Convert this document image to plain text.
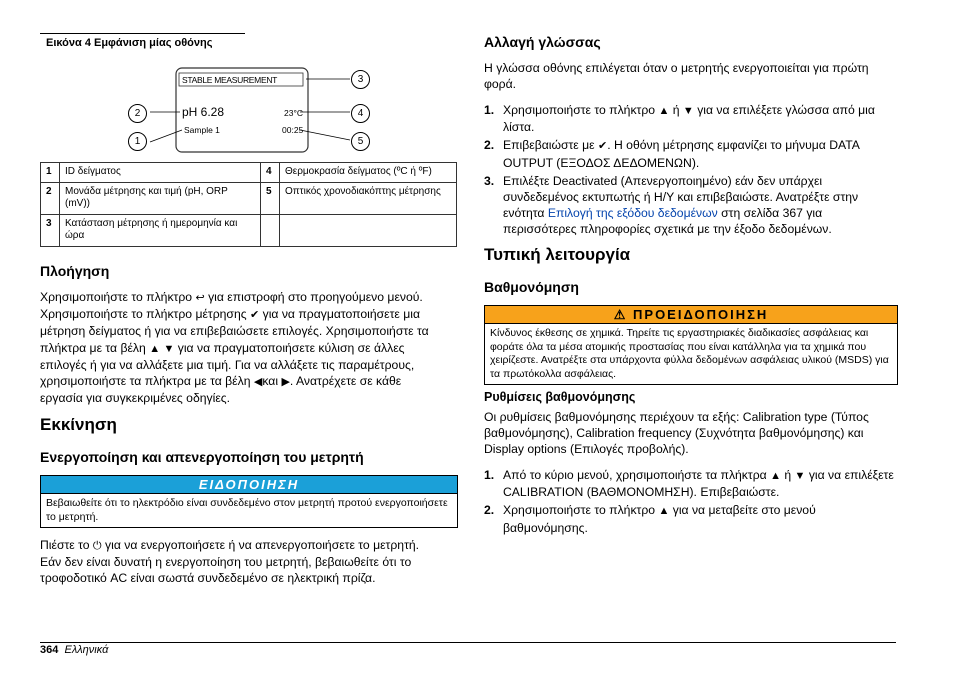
Εικόνα 4 Εμφάνιση μίας οθόνης
STABLE MEASUREMENT
pH 6.28	23°C
Sample 1	00:25
3
2	4
1	5
1	ID δείγματος	4	Θερμοκρασία δείγματος (ºC ή ºF)
2	Μονάδα μέτρησης και τιμή (pH, ORP (mV))	5	Οπτικός χρονοδιακόπτης μέτρησης
3	Κατάσταση μέτρησης ή ημερομηνία και ώρα		
Πλοήγηση
Χρησιμοποιήστε το πλήκτρο ↩ για επιστροφή στο προηγούμενο μενού.
Χρησιμοποιήστε το πλήκτρο μέτρησης ✔ για να πραγματοποιήσετε μια
μέτρηση δείγματος ή για να επιβεβαιώσετε επιλογές. Χρησιμοποιήστε τα
πλήκτρα με τα βέλη ▲ ▼ για να πραγματοποιήσετε κύλιση σε άλλες
επιλογές ή για να αλλάξετε μια τιμή. Για να αλλάξετε τις παραμέτρους,
χρησιμοποιήστε τα πλήκτρα με τα βέλη ◀και ▶. Ανατρέχετε σε κάθε
εργασία για συγκεκριμένες οδηγίες.
Εκκίνηση
Ενεργοποίηση και απενεργοποίηση του μετρητή
ΕΙΔΟΠΟΙΗΣΗ
Βεβαιωθείτε ότι το ηλεκτρόδιο είναι συνδεδεμένο στον μετρητή προτού ενεργοποιήσετε το μετρητή.
Πιέστε το ⏻ για να ενεργοποιήσετε ή να απενεργοποιήσετε το μετρητή.
Εάν δεν είναι δυνατή η ενεργοποίηση του μετρητή, βεβαιωθείτε ότι το
τροφοδοτικό AC είναι σωστά συνδεδεμένο σε ηλεκτρική πρίζα.
Αλλαγή γλώσσας
Η γλώσσα οθόνης επιλέγεται όταν ο μετρητής ενεργοποιείται για πρώτη φορά.
1. Χρησιμοποιήστε το πλήκτρο ▲ ή ▼ για να επιλέξετε γλώσσα από μια λίστα.
2. Επιβεβαιώστε με ✔. Η οθόνη μέτρησης εμφανίζει το μήνυμα DATA OUTPUT (ΕΞΟΔΟΣ ΔΕΔΟΜΕΝΩΝ).
3. Επιλέξτε Deactivated (Απενεργοποιημένο) εάν δεν υπάρχει συνδεδεμένος εκτυπωτής ή Η/Υ και επιβεβαιώστε. Ανατρέξτε στην ενότητα Επιλογή της εξόδου δεδομένων στη σελίδα 367 για περισσότερες πληροφορίες σχετικά με την έξοδο δεδομένων.
Τυπική λειτουργία
Βαθμονόμηση
⚠ ΠΡΟΕΙΔΟΠΟΙΗΣΗ
Κίνδυνος έκθεσης σε χημικά. Τηρείτε τις εργαστηριακές διαδικασίες ασφάλειας και φοράτε όλα τα μέσα ατομικής προστασίας που είναι κατάλληλα για τα χημικά που χειρίζεστε. Ανατρέξτε στα υπάρχοντα φύλλα δεδομένων ασφάλειας υλικού (MSDS) για τα πρωτόκολλα ασφάλειας.
Ρυθμίσεις βαθμονόμησης
Οι ρυθμίσεις βαθμονόμησης περιέχουν τα εξής: Calibration type (Τύπος βαθμονόμησης), Calibration frequency (Συχνότητα βαθμονόμησης) και Display options (Επιλογές προβολής).
1. Από το κύριο μενού, χρησιμοποιήστε τα πλήκτρα ▲ ή ▼ για να επιλέξετε CALIBRATION (ΒΑΘΜΟΝΟΜΗΣΗ). Επιβεβαιώστε.
2. Χρησιμοποιήστε το πλήκτρο ▲ για να μεταβείτε στο μενού βαθμονόμησης.
364 Ελληνικά
